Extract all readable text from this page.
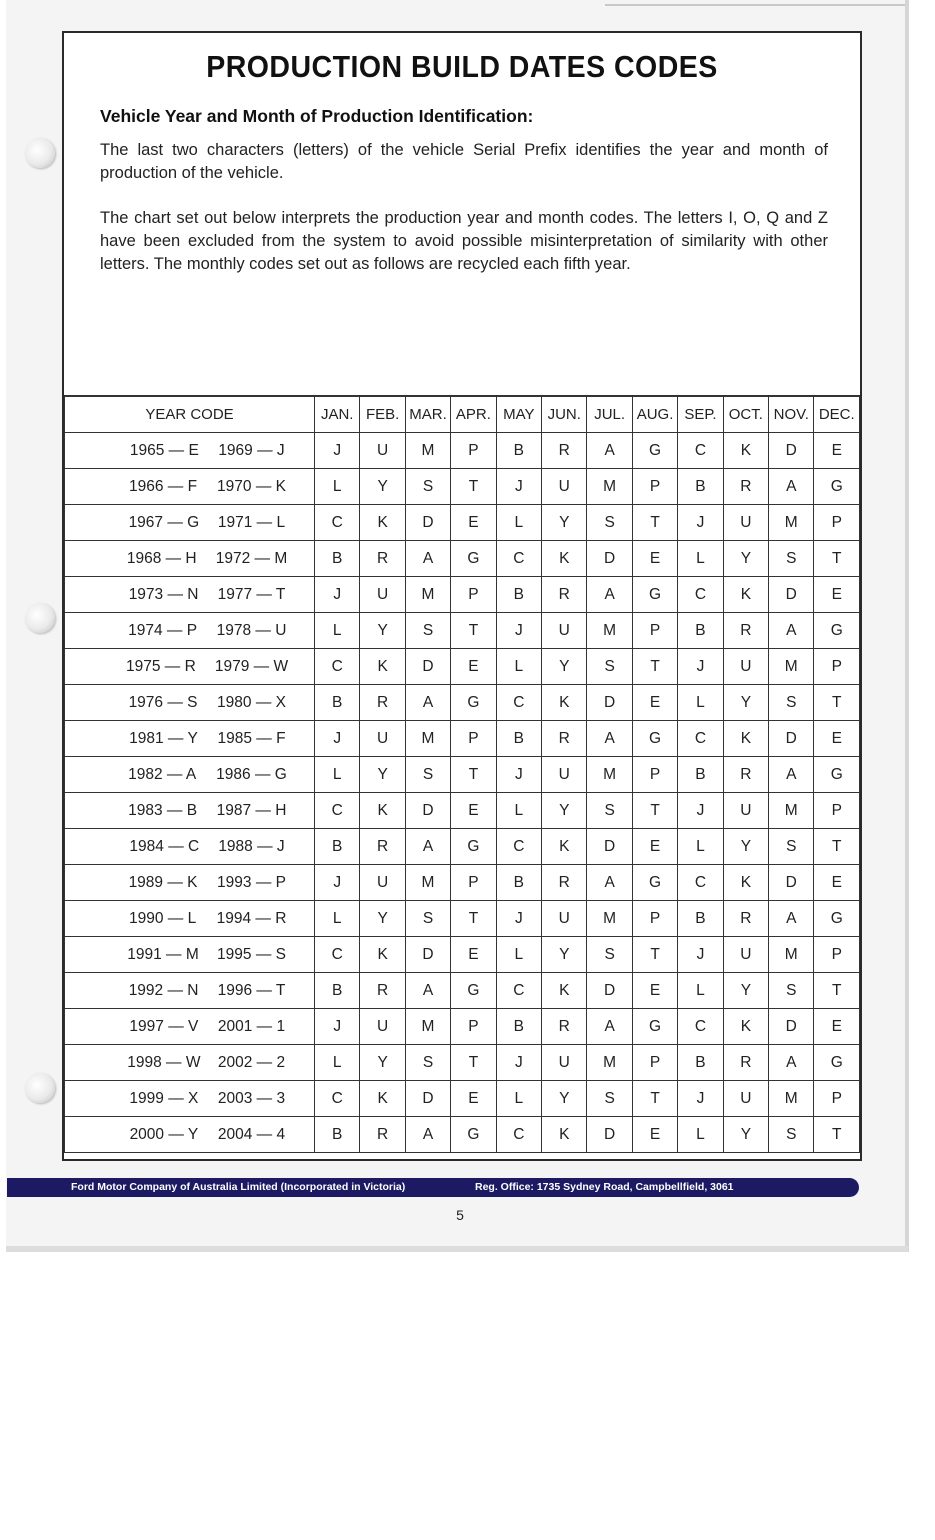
PRODUCTION BUILD DATES CODES
Vehicle Year and Month of Production Identification:
The last two characters (letters) of the vehicle Serial Prefix identifies the year and month of production of the vehicle.
The chart set out below interprets the production year and month codes. The letters I, O, Q and Z have been excluded from the system to avoid possible misinterpretation of similarity with other letters. The monthly codes set out as follows are recycled each fifth year.
YEAR CODE	JAN.	FEB.	MAR.	APR.	MAY	JUN.	JUL.	AUG.	SEP.	OCT.	NOV.	DEC.
1965 — E 1969 — J	J	U	M	P	B	R	A	G	C	K	D	E
1966 — F 1970 — K	L	Y	S	T	J	U	M	P	B	R	A	G
1967 — G 1971 — L	C	K	D	E	L	Y	S	T	J	U	M	P
1968 — H 1972 — M	B	R	A	G	C	K	D	E	L	Y	S	T
1973 — N 1977 — T	J	U	M	P	B	R	A	G	C	K	D	E
1974 — P 1978 — U	L	Y	S	T	J	U	M	P	B	R	A	G
1975 — R 1979 — W	C	K	D	E	L	Y	S	T	J	U	M	P
1976 — S 1980 — X	B	R	A	G	C	K	D	E	L	Y	S	T
1981 — Y 1985 — F	J	U	M	P	B	R	A	G	C	K	D	E
1982 — A 1986 — G	L	Y	S	T	J	U	M	P	B	R	A	G
1983 — B 1987 — H	C	K	D	E	L	Y	S	T	J	U	M	P
1984 — C 1988 — J	B	R	A	G	C	K	D	E	L	Y	S	T
1989 — K 1993 — P	J	U	M	P	B	R	A	G	C	K	D	E
1990 — L 1994 — R	L	Y	S	T	J	U	M	P	B	R	A	G
1991 — M 1995 — S	C	K	D	E	L	Y	S	T	J	U	M	P
1992 — N 1996 — T	B	R	A	G	C	K	D	E	L	Y	S	T
1997 — V 2001 — 1	J	U	M	P	B	R	A	G	C	K	D	E
1998 — W 2002 — 2	L	Y	S	T	J	U	M	P	B	R	A	G
1999 — X 2003 — 3	C	K	D	E	L	Y	S	T	J	U	M	P
2000 — Y 2004 — 4	B	R	A	G	C	K	D	E	L	Y	S	T
Ford Motor Company of Australia Limited (Incorporated in Victoria)	Reg. Office: 1735 Sydney Road, Campbellfield, 3061
5
